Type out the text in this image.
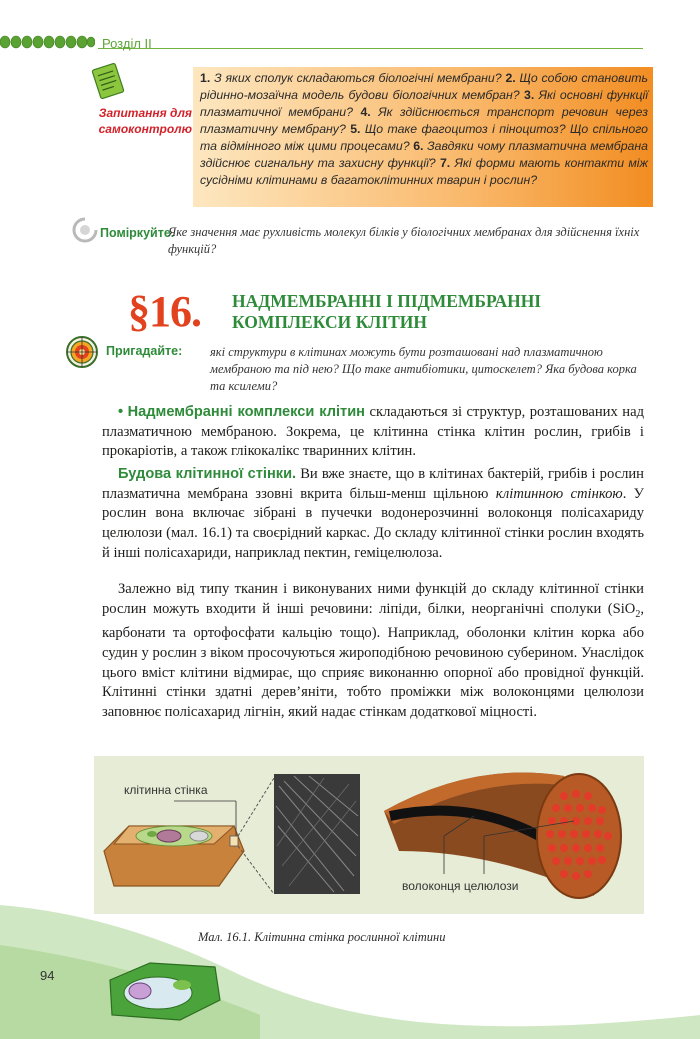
Розділ ІІ
Запитання для
самоконтролю
1. З яких сполук складаються біологічні мембрани? 2. Що собою становить рідинно-мозаїчна модель будови біологічних мембран? 3. Які основні функції плазматичної мембрани? 4. Як здійснюється транспорт речовин через плазматичну мембрану? 5. Що таке фагоцитоз і піноцитоз? Що спільного та відмінного між цими процесами? 6. Завдяки чому плазматична мембрана здійснює сигнальну та захисну функції? 7. Які форми мають контакти між сусідніми клітинами в багатоклітинних тварин і рослин?
Поміркуйте.
Яке значення має рухливість молекул білків у біологічних мембранах для здійснення їхніх функцій?
§16. НАДМЕМБРАННІ І ПІДМЕМБРАННІ
КОМПЛЕКСИ КЛІТИН
Пригадайте: які структури в клітинах можуть бути розташовані над плазматичною мембраною та під нею? Що таке антибіотики, цитоскелет? Яка будова корка та ксилеми?
• Надмембранні комплекси клітин складаються зі структур, розташованих над плазматичною мембраною. Зокрема, це клітинна стінка клітин рослин, грибів і прокаріотів, а також глікокалікс тваринних клітин.
Будова клітинної стінки. Ви вже знаєте, що в клітинах бактерій, грибів і рослин плазматична мембрана ззовні вкрита більш-менш щільною клітинною стінкою. У рослин вона включає зібрані в пучечки водонерозчинні волоконця полісахариду целюлози (мал. 16.1) та своєрідний каркас. До складу клітинної стінки рослин входять й інші полісахариди, наприклад пектин, геміцелюлоза.
Залежно від типу тканин і виконуваних ними функцій до складу клітинної стінки рослин можуть входити й інші речовини: ліпіди, білки, неорганічні сполуки (SiO$_2$, карбонати та ортофосфати кальцію тощо). Наприклад, оболонки клітин корка або судин у рослин з віком просочуються жироподібною речовиною суберином. Унаслідок цього вміст клітини відмирає, що сприяє виконанню опорної або провідної функцій. Клітинні стінки здатні дерев’яніти, тобто проміжки між волоконцями целюлози заповнює полісахарид лігнін, який надає стінкам додаткової міцності.
клітинна стінка
волоконця целюлози
Мал. 16.1. Клітинна стінка рослинної клітини
94
